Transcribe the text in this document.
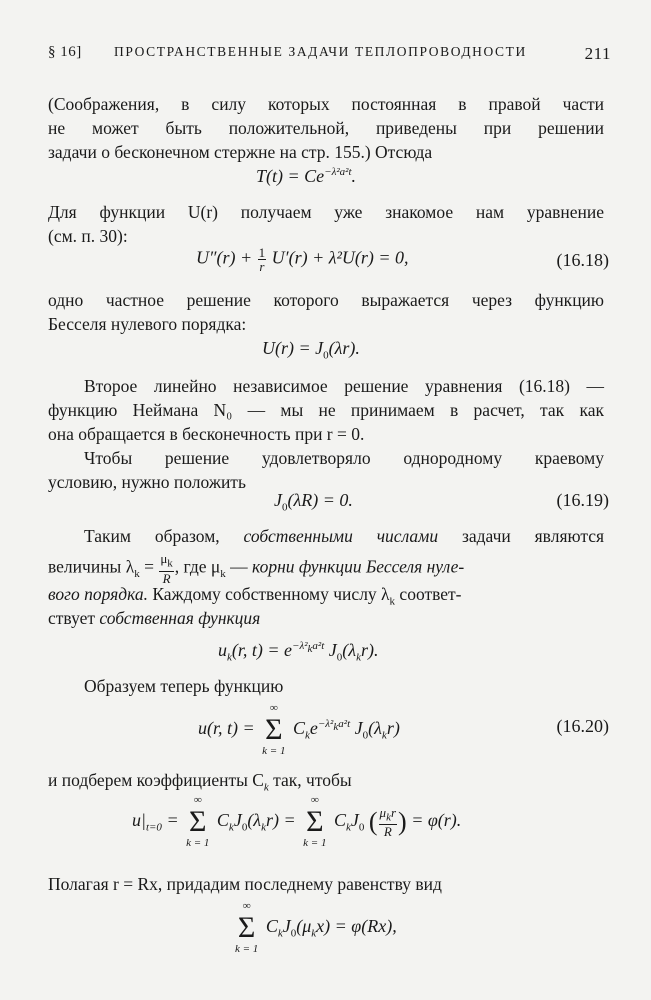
§ 16] ПРОСТРАНСТВЕННЫЕ ЗАДАЧИ ТЕПЛОПРОВОДНОСТИ	211
(Соображения, в силу которых постоянная в правой части
не может быть положительной, приведены при решении
задачи о бесконечном стержне на стр. 155.) Отсюда
$T(t) = Ce^{-\lambda^2a^2t}$.
Для функции U(r) получаем уже знакомое нам уравнение
(см. п. 30):
$U''(r) + \frac{1}{r} U'(r) + \lambda^2U(r) = 0$,	(16.18)
одно частное решение которого выражается через функцию
Бесселя нулевого порядка:
$U(r) = J_0(\lambda r)$.
Второе линейно независимое решение уравнения (16.18) —
функцию Неймана N₀ — мы не принимаем в расчет, так как
она обращается в бесконечность при r = 0.
Чтобы решение удовлетворяло однородному краевому
условию, нужно положить
$J_0(\lambda R) = 0$.	(16.19)
Таким образом, собственными числами задачи являются
величины $\lambda_k = \frac{\mu_k}{R}$ , где $\mu_k$ — корни функции Бесселя нуле-
вого порядка. Каждому собственному числу $\lambda_k$ соответ-
ствует собственная функция
$u_k(r$, $t) = e^{-\lambda^2_ka^2t}$ $J_0(\lambda_kr)$.
Образуем теперь функцию
u(r, t) =
∞
Σ
k = 1
$C_ke^{-\lambda^2_ka^2t}$ $J_0(\lambda_kr)$	(16.20)
и подберем коэффициенты $C_k$ так, чтобы
$u|_{t=0}$ =
∞
Σ
k = 1
$C_kJ_0(\lambda_kr)$ =
∞
Σ
k = 1
$C_kJ_0$ ( $\frac{\mu_kr}{R}$ ) = φ(r).
Полагая r = Rx, придадим последнему равенству вид
∞
Σ
k = 1
$C_kJ_0(\mu_kx) = \varphi(Rx)$,
